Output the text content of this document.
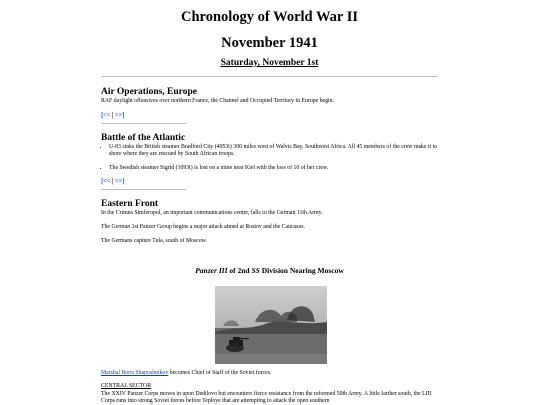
Chronology of World War II
November 1941
Saturday, November 1st
Air Operations, Europe
RAF daylight offensives over northern France, the Channel and Occupied Territory in Europe begin.
[<< | >>]
Battle of the Atlantic
• U-83 sinks the British steamer Bradford City (4953t) 300 miles west of Walvis Bay, Southwest Africa. All 45 members of the crew make it to shore where they are rescued by South African troops.
• The Swedish steamer Sigrid (1093t) is lost on a mine near Kiel with the loss of 10 of her crew.
[<< | >>]
Eastern Front
In the Crimea Simferopol, an important communications center, falls to the German 11th Army.
The German 1st Panzer Group begins a major attack aimed at Rostov and the Caucasus.
The Germans capture Tula, south of Moscow.
Panzer III of 2nd SS Division Nearing Moscow
Marshal Boris Shaposhnikov becomes Chief of Staff of the Soviet forces.
CENTRAL SECTOR
The XXIV Panzer Corps moves in upon Dedilovo but encounters fierce resistance from the reformed 50th Army. A little farther south, the LIII Corps runs into strong Soviet forces before Teploye that are attempting to attack the open southern
